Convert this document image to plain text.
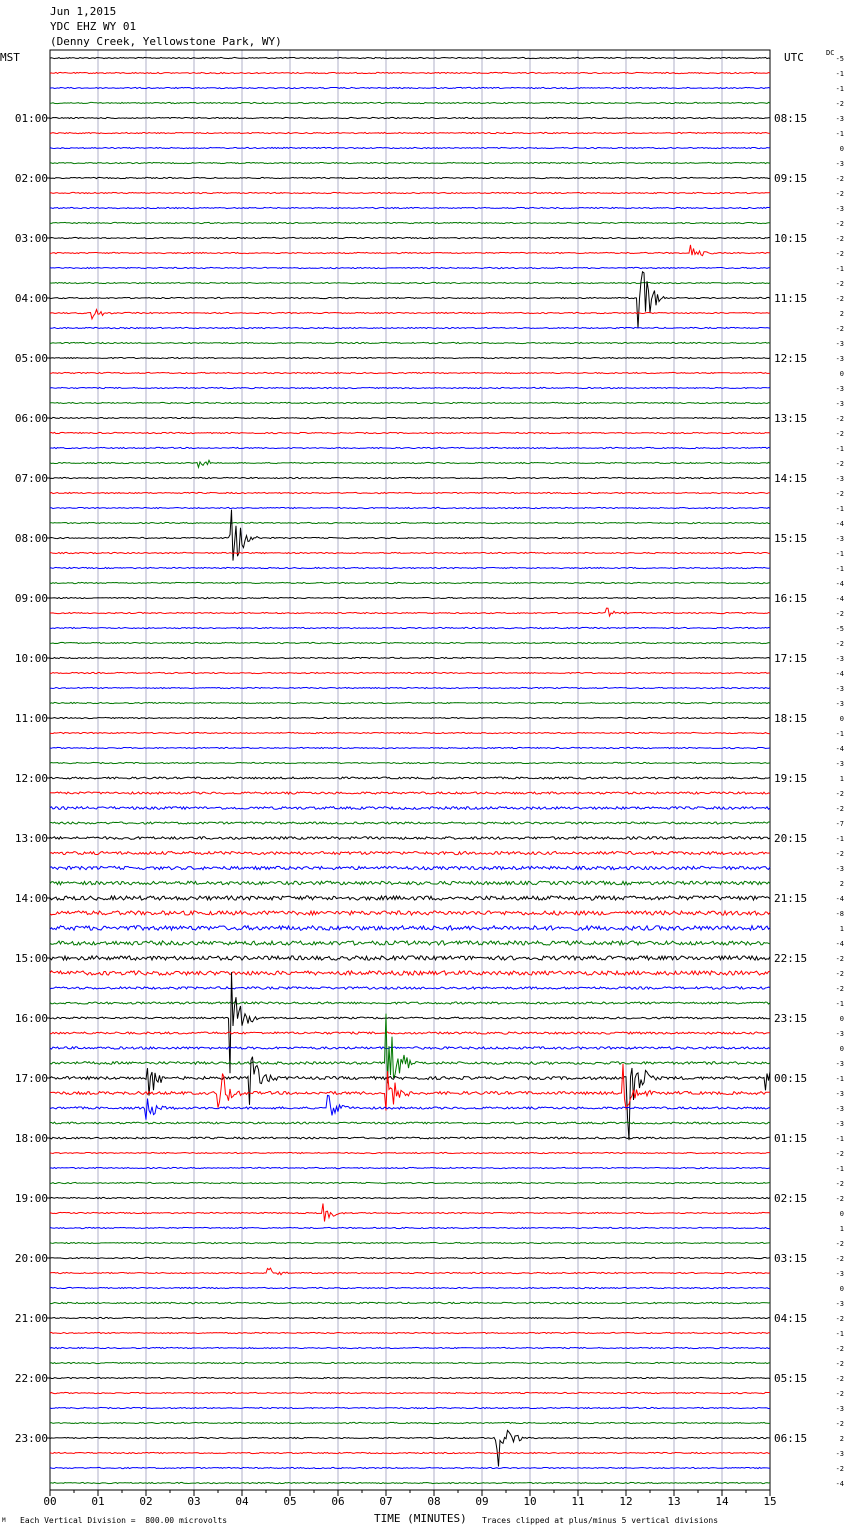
01:00
02:00
03:00
04:00
05:00
06:00
07:00
08:00
09:00
10:00
11:00
12:00
13:00
14:00
15:00
16:00
17:00
18:00
19:00
20:00
21:00
22:00
23:00
08:15
09:15
10:15
11:15
12:15
13:15
14:15
15:15
16:15
17:15
18:15
19:15
20:15
21:15
22:15
23:15
00:15
01:15
02:15
03:15
04:15
05:15
06:15
-5
-1
-1
-2
-3
-1
0
-3
-2
-2
-3
-2
-2
-2
-1
-2
-2
2
-2
-3
-3
0
-3
-3
-2
-2
-1
-2
-3
-2
-1
-4
-3
-1
-1
-4
-4
-2
-5
-2
-3
-4
-3
-3
0
-1
-4
-3
1
-2
-2
-7
-1
-2
-3
2
-4
-8
1
-4
-2
-2
-2
-1
0
-3
0
-3
-1
-3
-3
-3
-1
-2
-1
-2
-2
0
1
-2
-2
-3
0
-3
-2
-1
-2
-2
-2
-2
-3
-2
2
-3
-2
-4
00	01	02	03	04	05	06	07	08	09	10	11	12	13	14	15
Jun 1,2015
YDC EHZ WY 01
(Denny Creek, Yellowstone Park, WY)
MST	UTC	DC
M Each Vertical Division =  800.00 microvolts	TIME (MINUTES) Traces clipped at plus/minus 5 vertical divisions
